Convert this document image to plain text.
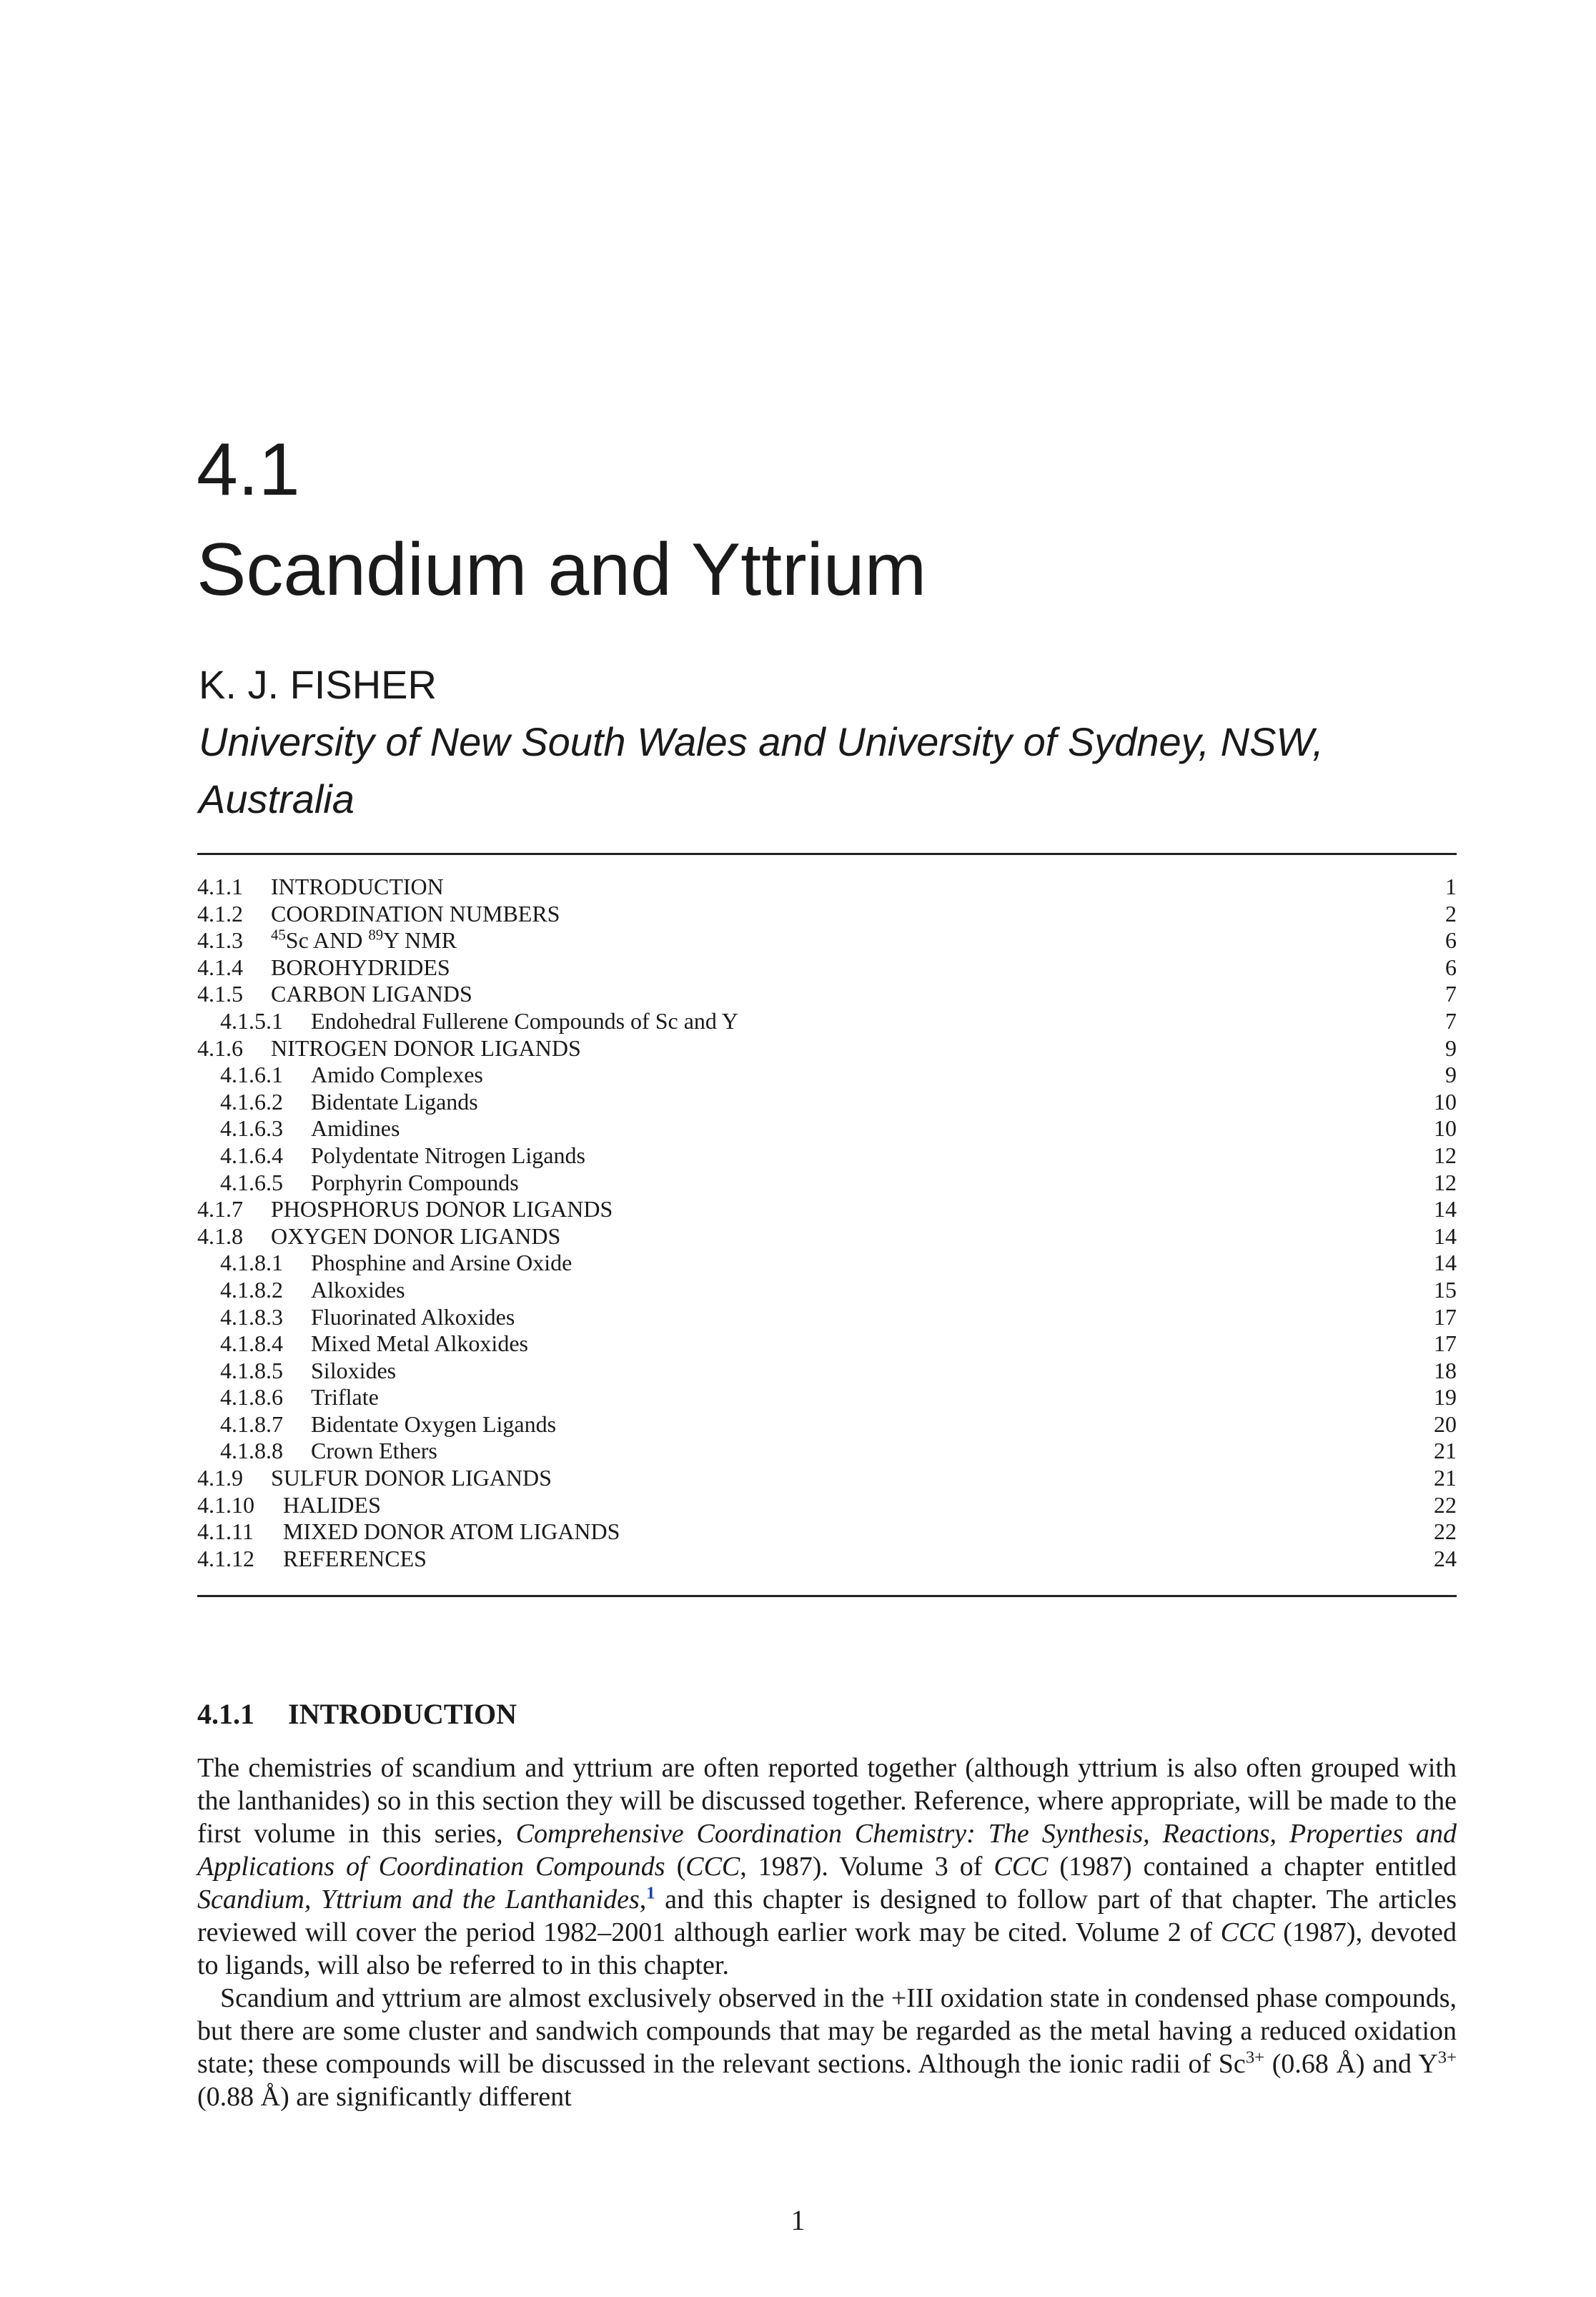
4.1
Scandium and Yttrium
K. J. FISHER
University of New South Wales and University of Sydney, NSW, Australia
4.1.1 INTRODUCTION	1
4.1.2 COORDINATION NUMBERS	2
4.1.3 $^{45}$Sc AND $^{89}$Y NMR	6
4.1.4 BOROHYDRIDES	6
4.1.5 CARBON LIGANDS	7
4.1.5.1 Endohedral Fullerene Compounds of Sc and Y	7
4.1.6 NITROGEN DONOR LIGANDS	9
4.1.6.1 Amido Complexes	9
4.1.6.2 Bidentate Ligands	10
4.1.6.3 Amidines	10
4.1.6.4 Polydentate Nitrogen Ligands	12
4.1.6.5 Porphyrin Compounds	12
4.1.7 PHOSPHORUS DONOR LIGANDS	14
4.1.8 OXYGEN DONOR LIGANDS	14
4.1.8.1 Phosphine and Arsine Oxide	14
4.1.8.2 Alkoxides	15
4.1.8.3 Fluorinated Alkoxides	17
4.1.8.4 Mixed Metal Alkoxides	17
4.1.8.5 Siloxides	18
4.1.8.6 Triflate	19
4.1.8.7 Bidentate Oxygen Ligands	20
4.1.8.8 Crown Ethers	21
4.1.9 SULFUR DONOR LIGANDS	21
4.1.10 HALIDES	22
4.1.11 MIXED DONOR ATOM LIGANDS	22
4.1.12 REFERENCES	24
4.1.1 INTRODUCTION

The chemistries of scandium and yttrium are often reported together (although yttrium is also often grouped with the lanthanides) so in this section they will be discussed together. Reference, where appropriate, will be made to the first volume in this series, Comprehensive Coordination Chemistry: The Synthesis, Reactions, Properties and Applications of Coordination Compounds (CCC, 1987). Volume 3 of CCC (1987) contained a chapter entitled Scandium, Yttrium and the Lanthanides,$^1$ and this chapter is designed to follow part of that chapter. The articles reviewed will cover the period 1982–2001 although earlier work may be cited. Volume 2 of CCC (1987), devoted to ligands, will also be referred to in this chapter.

Scandium and yttrium are almost exclusively observed in the +III oxidation state in condensed phase compounds, but there are some cluster and sandwich compounds that may be regarded as the metal having a reduced oxidation state; these compounds will be discussed in the relevant sections. Although the ionic radii of $Sc^{3+}$ (0.68 Å) and $Y^{3+}$ (0.88 Å) are significantly different

1
